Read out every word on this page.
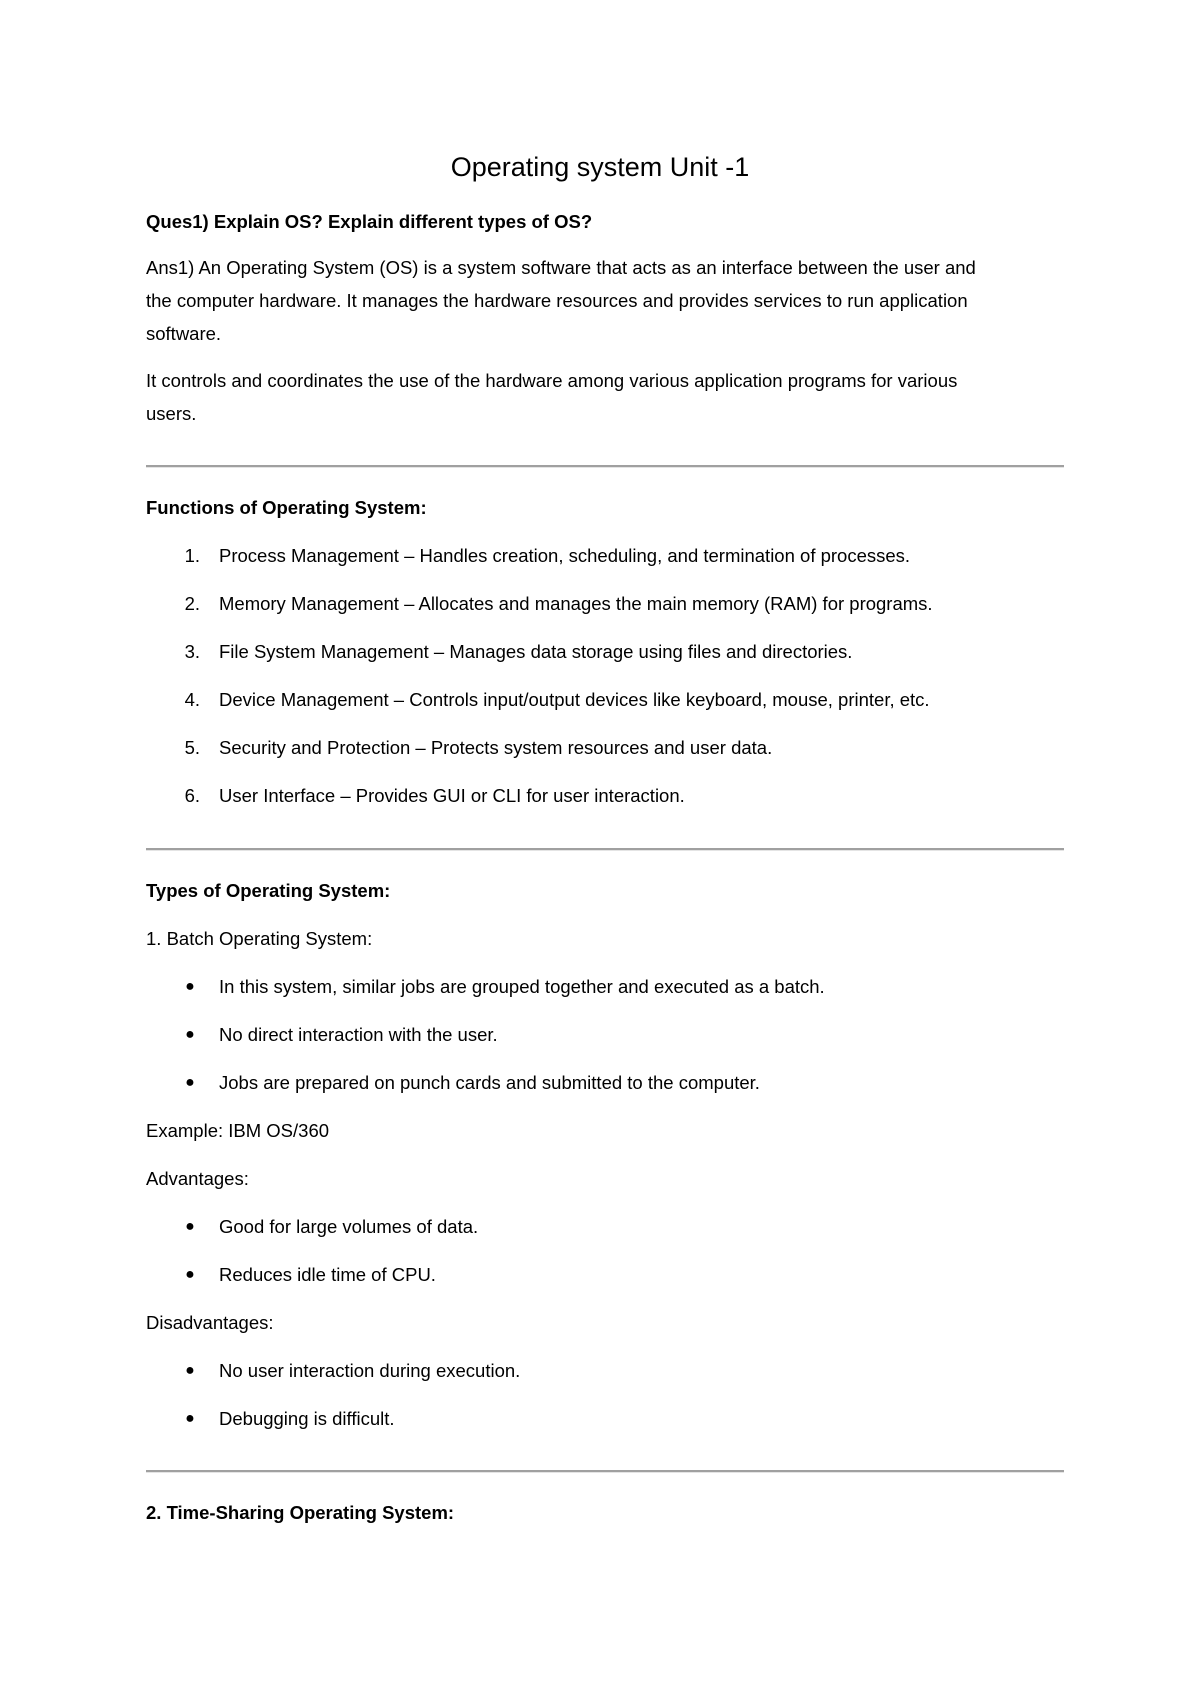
Operating system Unit -1
Ques1) Explain OS? Explain different types of OS?
Ans1) An Operating System (OS) is a system software that acts as an interface between the user and
the computer hardware. It manages the hardware resources and provides services to run application
software.
It controls and coordinates the use of the hardware among various application programs for various
users.
Functions of Operating System:
1. Process Management – Handles creation, scheduling, and termination of processes.
2. Memory Management – Allocates and manages the main memory (RAM) for programs.
3. File System Management – Manages data storage using files and directories.
4. Device Management – Controls input/output devices like keyboard, mouse, printer, etc.
5. Security and Protection – Protects system resources and user data.
6. User Interface – Provides GUI or CLI for user interaction.
Types of Operating System:
1. Batch Operating System:
● In this system, similar jobs are grouped together and executed as a batch.
● No direct interaction with the user.
● Jobs are prepared on punch cards and submitted to the computer.
Example: IBM OS/360
Advantages:
● Good for large volumes of data.
● Reduces idle time of CPU.
Disadvantages:
● No user interaction during execution.
● Debugging is difficult.
2. Time-Sharing Operating System:
